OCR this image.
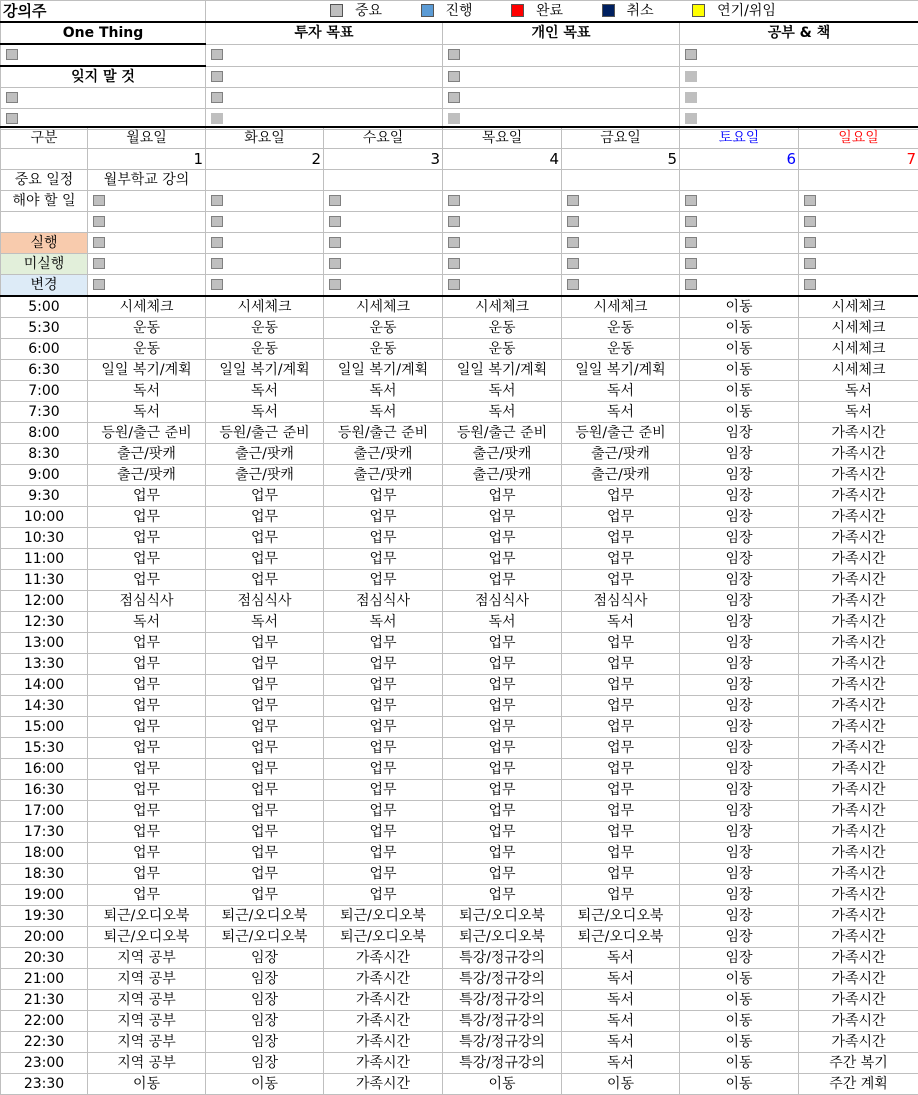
강의주	중요 진행 완료 취소 연기/위임		
One Thing	투자 목표	개인 목표	공부 & 책

잊지 말 것			

구분	월요일	화요일	수요일	목요일	금요일	토요일	일요일
	1	2	3	4	5	6	7
중요 일정	월부학교 강의						
해야 할 일							

실행							
미실행							
변경							
5:00	시세체크	시세체크	시세체크	시세체크	시세체크	이동	시세체크
5:30	운동	운동	운동	운동	운동	이동	시세체크
6:00	운동	운동	운동	운동	운동	이동	시세체크
6:30	일일 복기/계획	일일 복기/계획	일일 복기/계획	일일 복기/계획	일일 복기/계획	이동	시세체크
7:00	독서	독서	독서	독서	독서	이동	독서
7:30	독서	독서	독서	독서	독서	이동	독서
8:00	등원/출근 준비	등원/출근 준비	등원/출근 준비	등원/출근 준비	등원/출근 준비	임장	가족시간
8:30	출근/팟캐	출근/팟캐	출근/팟캐	출근/팟캐	출근/팟캐	임장	가족시간
9:00	출근/팟캐	출근/팟캐	출근/팟캐	출근/팟캐	출근/팟캐	임장	가족시간
9:30	업무	업무	업무	업무	업무	임장	가족시간
10:00	업무	업무	업무	업무	업무	임장	가족시간
10:30	업무	업무	업무	업무	업무	임장	가족시간
11:00	업무	업무	업무	업무	업무	임장	가족시간
11:30	업무	업무	업무	업무	업무	임장	가족시간
12:00	점심식사	점심식사	점심식사	점심식사	점심식사	임장	가족시간
12:30	독서	독서	독서	독서	독서	임장	가족시간
13:00	업무	업무	업무	업무	업무	임장	가족시간
13:30	업무	업무	업무	업무	업무	임장	가족시간
14:00	업무	업무	업무	업무	업무	임장	가족시간
14:30	업무	업무	업무	업무	업무	임장	가족시간
15:00	업무	업무	업무	업무	업무	임장	가족시간
15:30	업무	업무	업무	업무	업무	임장	가족시간
16:00	업무	업무	업무	업무	업무	임장	가족시간
16:30	업무	업무	업무	업무	업무	임장	가족시간
17:00	업무	업무	업무	업무	업무	임장	가족시간
17:30	업무	업무	업무	업무	업무	임장	가족시간
18:00	업무	업무	업무	업무	업무	임장	가족시간
18:30	업무	업무	업무	업무	업무	임장	가족시간
19:00	업무	업무	업무	업무	업무	임장	가족시간
19:30	퇴근/오디오북	퇴근/오디오북	퇴근/오디오북	퇴근/오디오북	퇴근/오디오북	임장	가족시간
20:00	퇴근/오디오북	퇴근/오디오북	퇴근/오디오북	퇴근/오디오북	퇴근/오디오북	임장	가족시간
20:30	지역 공부	임장	가족시간	특강/정규강의	독서	임장	가족시간
21:00	지역 공부	임장	가족시간	특강/정규강의	독서	이동	가족시간
21:30	지역 공부	임장	가족시간	특강/정규강의	독서	이동	가족시간
22:00	지역 공부	임장	가족시간	특강/정규강의	독서	이동	가족시간
22:30	지역 공부	임장	가족시간	특강/정규강의	독서	이동	가족시간
23:00	지역 공부	임장	가족시간	특강/정규강의	독서	이동	주간 복기
23:30	이동	이동	가족시간	이동	이동	이동	주간 계획
